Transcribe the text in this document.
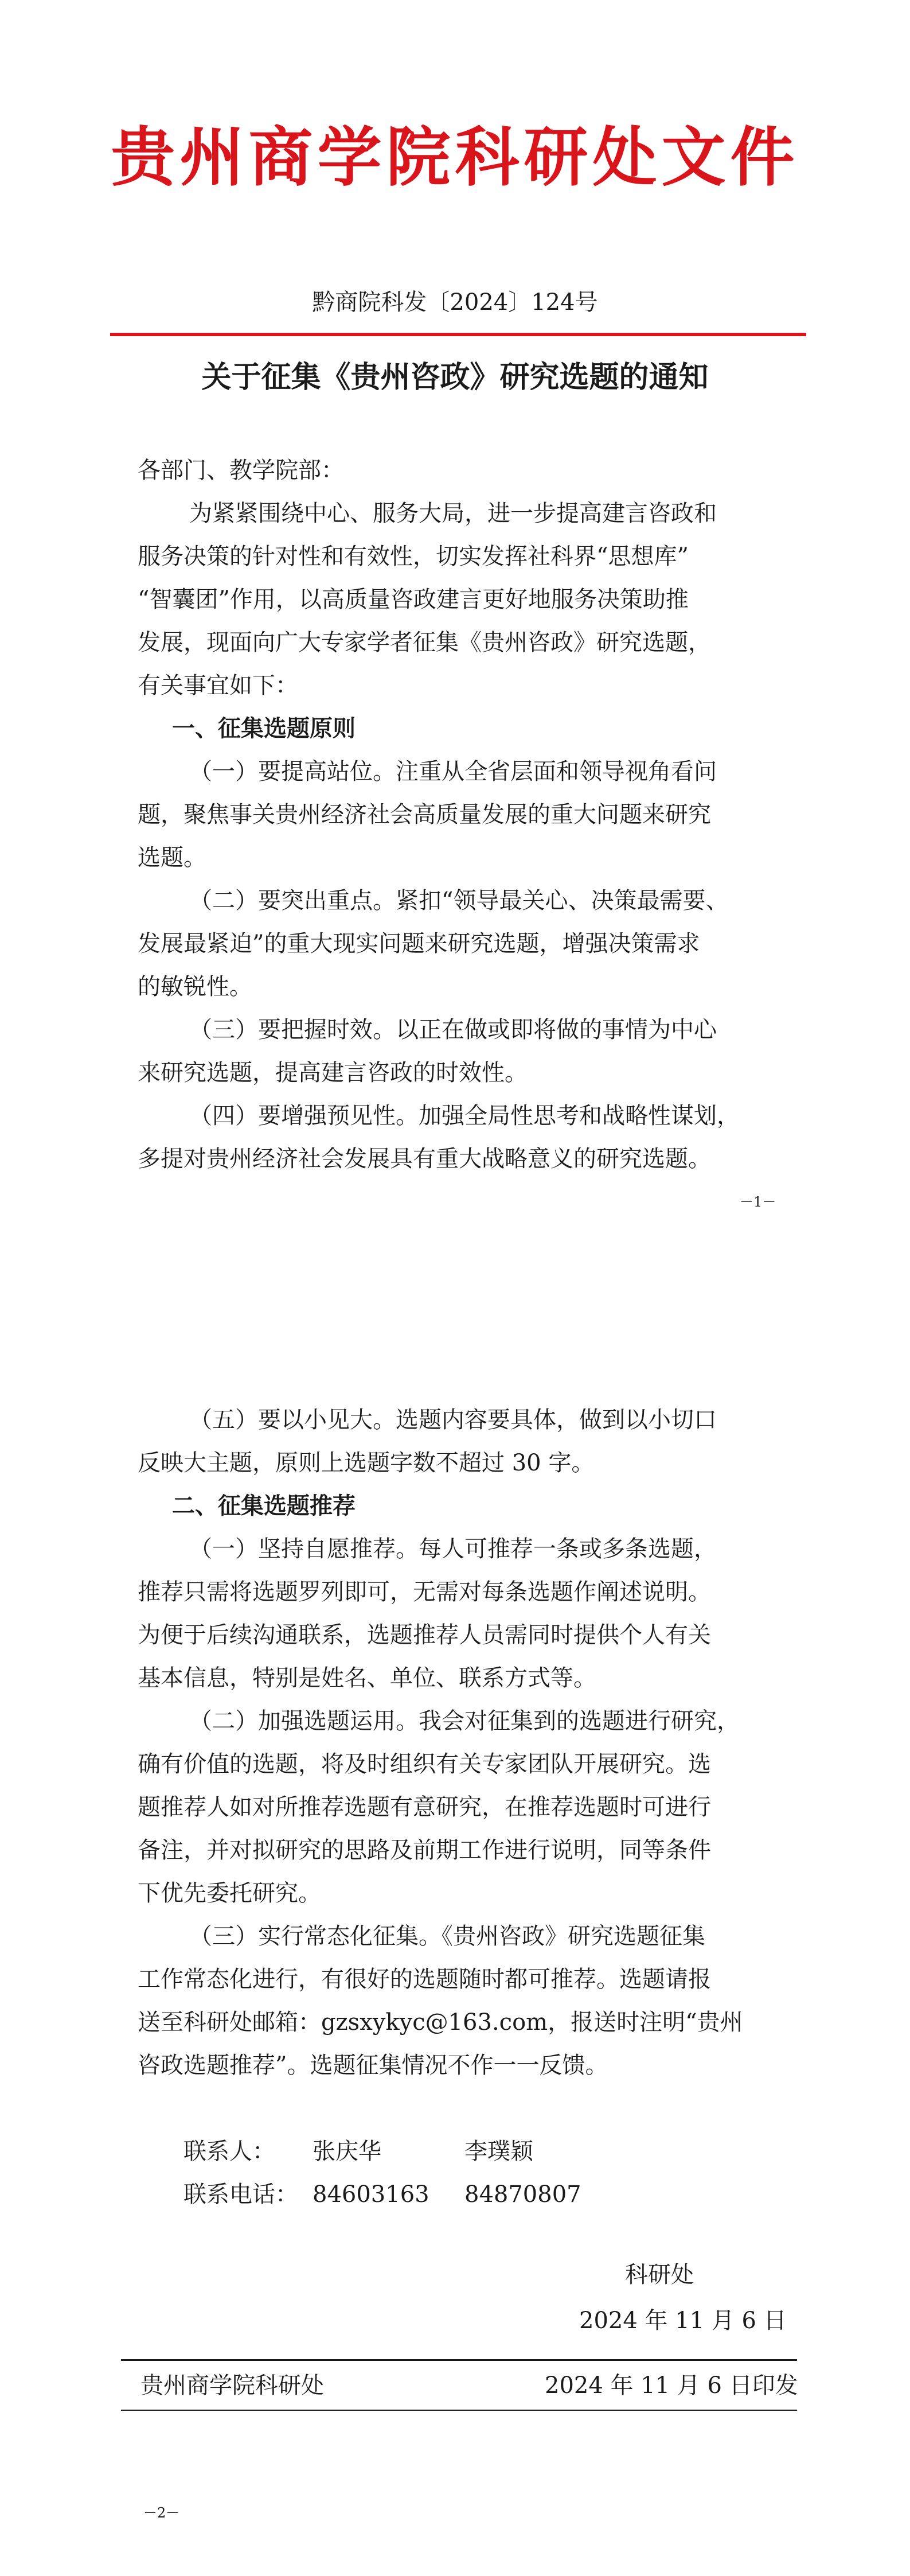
贵州商学院科研处文件
黔商院科发〔2024〕124号
关于征集《贵州咨政》研究选题的通知
各部门、教学院部：
为紧紧围绕中心、服务大局，进一步提高建言咨政和
服务决策的针对性和有效性，切实发挥社科界“思想库”
“智囊团”作用，以高质量咨政建言更好地服务决策助推
发展，现面向广大专家学者征集《贵州咨政》研究选题，
有关事宜如下：
一、征集选题原则
（一）要提高站位。注重从全省层面和领导视角看问
题，聚焦事关贵州经济社会高质量发展的重大问题来研究
选题。
（二）要突出重点。紧扣“领导最关心、决策最需要、
发展最紧迫”的重大现实问题来研究选题，增强决策需求
的敏锐性。
（三）要把握时效。以正在做或即将做的事情为中心
来研究选题，提高建言咨政的时效性。
（四）要增强预见性。加强全局性思考和战略性谋划，
多提对贵州经济社会发展具有重大战略意义的研究选题。
－1－
（五）要以小见大。选题内容要具体，做到以小切口
反映大主题，原则上选题字数不超过 30 字。
二、征集选题推荐
（一）坚持自愿推荐。每人可推荐一条或多条选题，
推荐只需将选题罗列即可，无需对每条选题作阐述说明。
为便于后续沟通联系，选题推荐人员需同时提供个人有关
基本信息，特别是姓名、单位、联系方式等。
（二）加强选题运用。我会对征集到的选题进行研究，
确有价值的选题，将及时组织有关专家团队开展研究。选
题推荐人如对所推荐选题有意研究，在推荐选题时可进行
备注，并对拟研究的思路及前期工作进行说明，同等条件
下优先委托研究。
（三）实行常态化征集。《贵州咨政》研究选题征集
工作常态化进行，有很好的选题随时都可推荐。选题请报
送至科研处邮箱：gzsxykyc@163.com，报送时注明“贵州
咨政选题推荐”。选题征集情况不作一一反馈。
联系人： 张庆华	李璞颖
联系电话： 84603163 84870807
科研处
2024 年 11 月 6 日
贵州商学院科研处	2024 年 11 月 6 日印发
－2－
